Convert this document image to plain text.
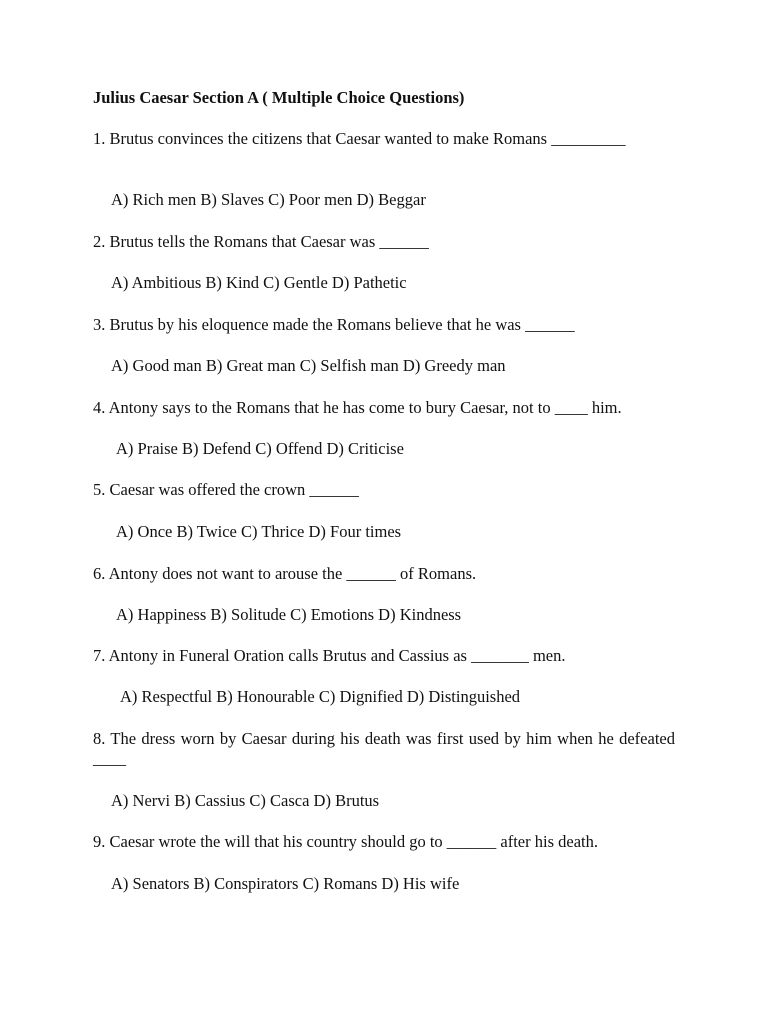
Julius Caesar Section A ( Multiple Choice Questions)
1. Brutus convinces the citizens that Caesar wanted to make Romans _________
A) Rich men B) Slaves C) Poor men D) Beggar
2. Brutus tells the Romans that Caesar was ______
A) Ambitious B) Kind C) Gentle D) Pathetic
3. Brutus by his eloquence made the Romans believe that he was ______
A) Good man B) Great man C) Selfish man D) Greedy man
4. Antony says to the Romans that he has come to bury Caesar, not to ____ him.
A) Praise B) Defend C) Offend D) Criticise
5. Caesar was offered the crown ______
A) Once B) Twice C) Thrice D) Four times
6. Antony does not want to arouse the ______ of Romans.
A) Happiness B) Solitude C) Emotions D) Kindness
7. Antony in Funeral Oration calls Brutus and Cassius as _______ men.
A) Respectful B) Honourable C) Dignified D) Distinguished
8. The dress worn by Caesar during his death was first used by him when he defeated ____
A) Nervi B) Cassius C) Casca D) Brutus
9. Caesar wrote the will that his country should go to ______ after his death.
A) Senators B) Conspirators C) Romans D) His wife
